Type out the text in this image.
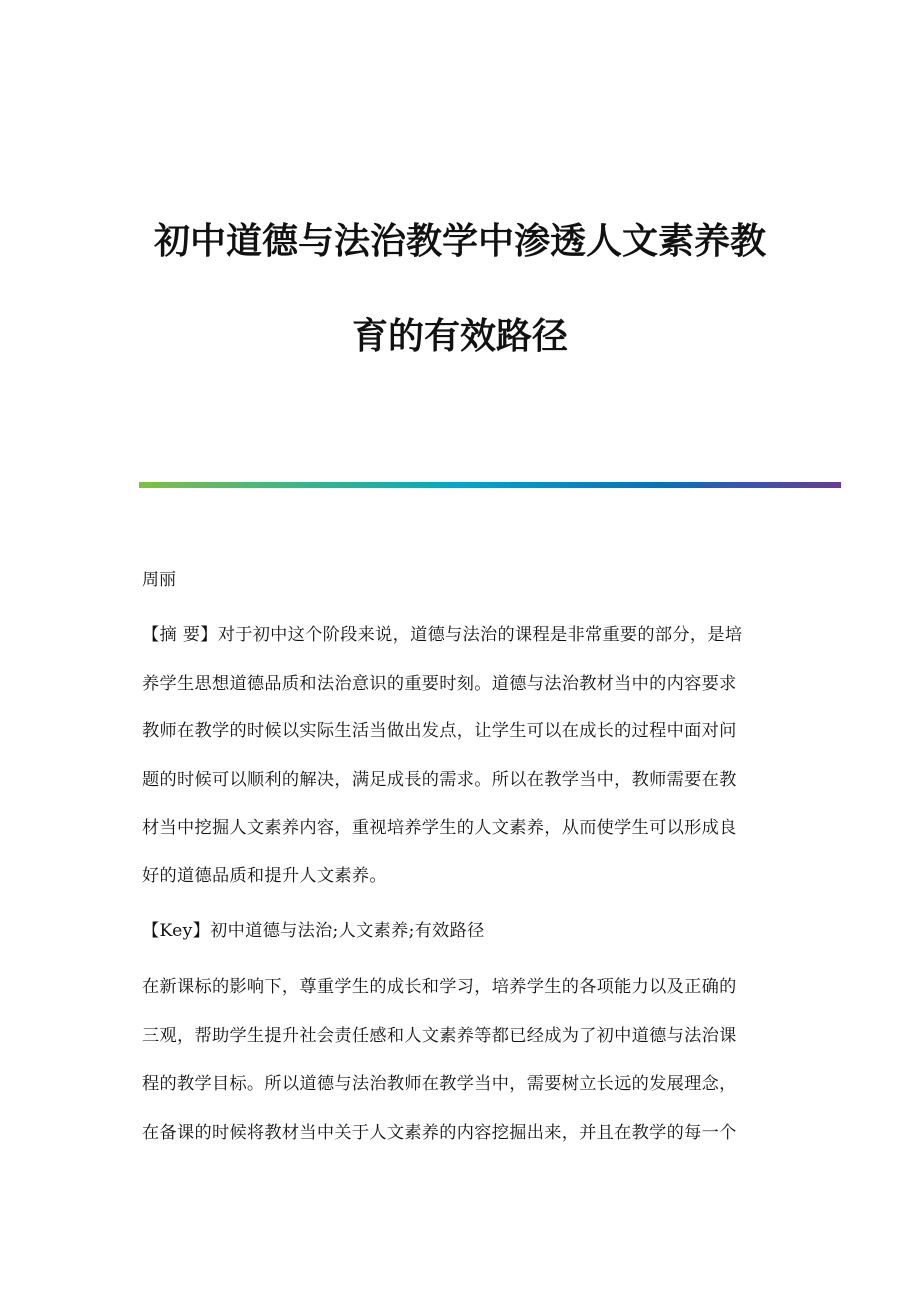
初中道德与法治教学中渗透人文素养教
育的有效路径

周丽

【摘 要】对于初中这个阶段来说，道德与法治的课程是非常重要的部分，是培

养学生思想道德品质和法治意识的重要时刻。道德与法治教材当中的内容要求

教师在教学的时候以实际生活当做出发点，让学生可以在成长的过程中面对问

题的时候可以顺利的解决，满足成長的需求。所以在教学当中，教师需要在教

材当中挖掘人文素养内容，重视培养学生的人文素养，从而使学生可以形成良

好的道德品质和提升人文素养。

【Key】初中道德与法治;人文素养;有效路径

在新课标的影响下，尊重学生的成长和学习，培养学生的各项能力以及正确的

三观，帮助学生提升社会责任感和人文素养等都已经成为了初中道德与法治课

程的教学目标。所以道德与法治教师在教学当中，需要树立长远的发展理念，

在备课的时候将教材当中关于人文素养的内容挖掘出来，并且在教学的每一个
